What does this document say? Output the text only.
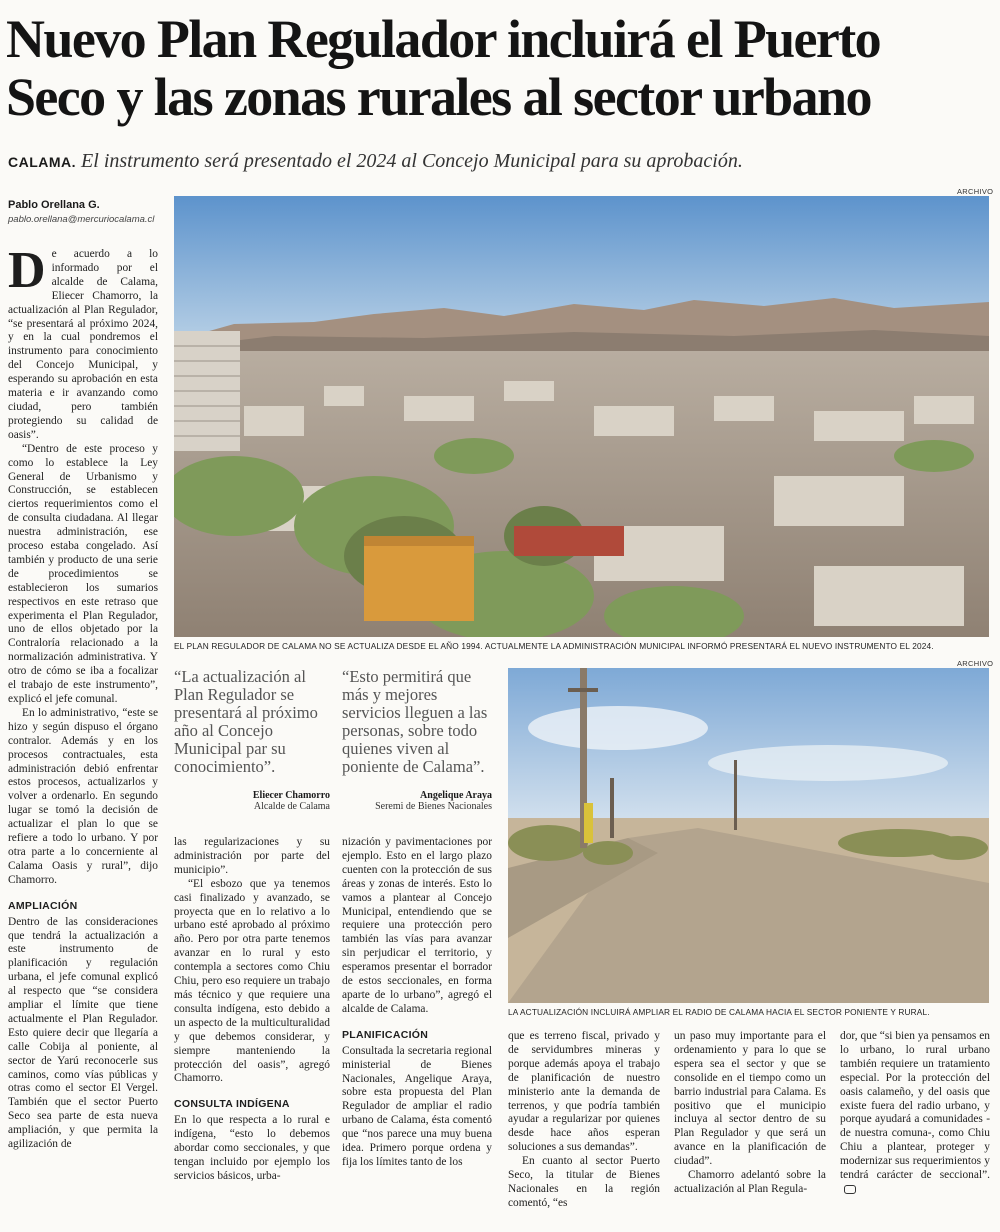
Nuevo Plan Regulador incluirá el Puerto
Seco y las zonas rurales al sector urbano
CALAMA. El instrumento será presentado el 2024 al Concejo Municipal para su aprobación.
Pablo Orellana G.
pablo.orellana@mercuriocalama.cl
ARCHIVO
EL PLAN REGULADOR DE CALAMA NO SE ACTUALIZA DESDE EL AÑO 1994. ACTUALMENTE LA ADMINISTRACIÓN MUNICIPAL INFORMÓ PRESENTARÁ EL NUEVO INSTRUMENTO EL 2024.
ARCHIVO
LA ACTUALIZACIÓN INCLUIRÁ AMPLIAR EL RADIO DE CALAMA HACIA EL SECTOR PONIENTE Y RURAL.
“La actualización al Plan Regulador se presentará al próximo año al Concejo Municipal par su conocimiento”.
Eliecer Chamorro
Alcalde de Calama
“Esto permitirá que más y mejores servicios lleguen a las personas, sobre todo quienes viven al poniente de Calama”.
Angelique Araya
Seremi de Bienes Nacionales

De acuerdo a lo informado por el alcalde de Calama, Eliecer Chamorro, la actualización al Plan Regulador, “se presentará al próximo 2024, y en la cual pondremos el instrumento para conocimiento del Concejo Municipal, y esperando su aprobación en esta materia e ir avanzando como ciudad, pero también protegiendo su calidad de oasis”.

“Dentro de este proceso y como lo establece la Ley General de Urbanismo y Construcción, se establecen ciertos requerimientos como el de consulta ciudadana. Al llegar nuestra administración, ese proceso estaba congelado. Así también y producto de una serie de procedimientos se establecieron los sumarios respectivos en este retraso que experimenta el Plan Regulador, uno de ellos objetado por la Contraloría relacionado a la normalización administrativa. Y otro de cómo se iba a focalizar el trabajo de este instrumento”, explicó el jefe comunal.

En lo administrativo, “este se hizo y según dispuso el órgano contralor. Además y en los procesos contractuales, esta administración debió enfrentar estos procesos, actualizarlos y volver a ordenarlo. En segundo lugar se tomó la decisión de actualizar el plan lo que se refiere a todo lo urbano. Y por otra parte a lo concerniente al Calama Oasis y rural”, dijo Chamorro.

AMPLIACIÓN

Dentro de las consideraciones que tendrá la actualización a este instrumento de planificación y regulación urbana, el jefe comunal explicó al respecto que “se considera ampliar el límite que tiene actualmente el Plan Regulador. Esto quiere decir que llegaría a calle Cobija al poniente, al sector de Yarú reconocerle sus caminos, como vías públicas y otras como el sector El Vergel. También que el sector Puerto Seco sea parte de esta nueva ampliación, y que permita la agilización de

las regularizaciones y su administración por parte del municipio”.

“El esbozo que ya tenemos casi finalizado y avanzado, se proyecta que en lo relativo a lo urbano esté aprobado al próximo año. Pero por otra parte tenemos avanzar en lo rural y esto contempla a sectores como Chiu Chiu, pero eso requiere un trabajo más técnico y que requiere una consulta indígena, esto debido a un aspecto de la multiculturalidad y que debemos considerar, y siempre manteniendo la protección del oasis”, agregó Chamorro.

CONSULTA INDÍGENA

En lo que respecta a lo rural e indígena, “esto lo debemos abordar como seccionales, y que tengan incluido por ejemplo los servicios básicos, urba-

nización y pavimentaciones por ejemplo. Esto en el largo plazo cuenten con la protección de sus áreas y zonas de interés. Esto lo vamos a plantear al Concejo Municipal, entendiendo que se requiere una protección pero también las vías para avanzar sin perjudicar el territorio, y esperamos presentar el borrador de estos seccionales, en forma aparte de lo urbano”, agregó el alcalde de Calama.

PLANIFICACIÓN

Consultada la secretaria regional ministerial de Bienes Nacionales, Angelique Araya, sobre esta propuesta del Plan Regulador de ampliar el radio urbano de Calama, ésta comentó que “nos parece una muy buena idea. Primero porque ordena y fija los límites tanto de los

que es terreno fiscal, privado y de servidumbres mineras y porque además apoya el trabajo de planificación de nuestro ministerio ante la demanda de terrenos, y que podría también ayudar a regularizar por quienes desde hace años esperan soluciones a sus demandas”.

En cuanto al sector Puerto Seco, la titular de Bienes Nacionales en la región comentó, “es

un paso muy importante para el ordenamiento y para lo que se espera sea el sector y que se consolide en el tiempo como un barrio industrial para Calama. Es positivo que el municipio incluya al sector dentro de su Plan Regulador y que será un avance en la planificación de ciudad”.

Chamorro adelantó sobre la actualización al Plan Regula-

dor, que “si bien ya pensamos en lo urbano, lo rural urbano también requiere un tratamiento especial. Por la protección del oasis calameño, y del oasis que existe fuera del radio urbano, y porque ayudará a comunidades -de nuestra comuna-, como Chiu Chiu a plantear, proteger y modernizar sus requerimientos y tendrá carácter de seccional”.
